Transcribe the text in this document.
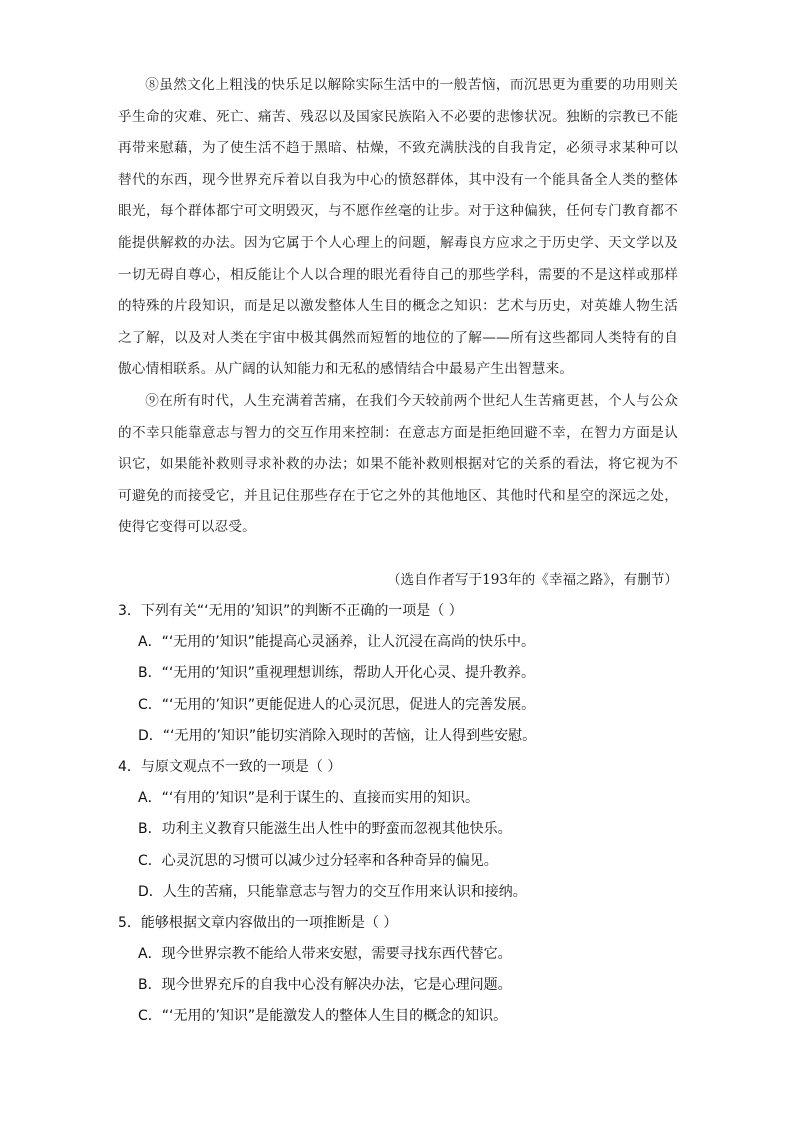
⑧虽然文化上粗浅的快乐足以解除实际生活中的一般苦恼，而沉思更为重要的功用则关乎生命的灾难、死亡、痛苦、残忍以及国家民族陷入不必要的悲惨状况。独断的宗教已不能再带来慰藉，为了使生活不趋于黑暗、枯燥，不致充满肤浅的自我肯定，必须寻求某种可以替代的东西，现今世界充斥着以自我为中心的愤怒群体，其中没有一个能具备全人类的整体眼光，每个群体都宁可文明毁灭，与不愿作丝毫的让步。对于这种偏狭，任何专门教育都不能提供解救的办法。因为它属于个人心理上的问题，解毒良方应求之于历史学、天文学以及一切无碍自尊心，相反能让个人以合理的眼光看待自己的那些学科，需要的不是这样或那样的特殊的片段知识，而是足以激发整体人生目的概念之知识：艺术与历史，对英雄人物生活之了解，以及对人类在宇宙中极其偶然而短暂的地位的了解——所有这些都同人类特有的自傲心情相联系。从广阔的认知能力和无私的感情结合中最易产生出智慧来。

⑨在所有时代，人生充满着苦痛，在我们今天较前两个世纪人生苦痛更甚，个人与公众的不幸只能靠意志与智力的交互作用来控制：在意志方面是拒绝回避不幸，在智力方面是认识它，如果能补救则寻求补救的办法；如果不能补救则根据对它的关系的看法，将它视为不可避免的而接受它，并且记住那些存在于它之外的其他地区、其他时代和星空的深远之处，使得它变得可以忍受。

（选自作者写于193年的《幸福之路》，有删节）
3．下列有关“‘无用的’知识”的判断不正确的一项是（ ）
A．“‘无用的’知识”能提高心灵涵养，让人沉浸在高尚的快乐中。
B．“‘无用的’知识”重视理想训练，帮助人开化心灵、提升教养。
C．“‘无用的’知识”更能促进人的心灵沉思，促进人的完善发展。
D．“‘无用的’知识”能切实消除入现时的苦恼，让人得到些安慰。
4．与原文观点不一致的一项是（ ）
A．“‘有用的’知识”是利于谋生的、直接而实用的知识。
B．功利主义教育只能滋生出人性中的野蛮而忽视其他快乐。
C．心灵沉思的习惯可以减少过分轻率和各种奇异的偏见。
D．人生的苦痛，只能靠意志与智力的交互作用来认识和接纳。
5．能够根据文章内容做出的一项推断是（ ）
A．现今世界宗教不能给人带来安慰，需要寻找东西代替它。
B．现今世界充斥的自我中心没有解决办法，它是心理问题。
C．“‘无用的’知识”是能激发人的整体人生目的概念的知识。
